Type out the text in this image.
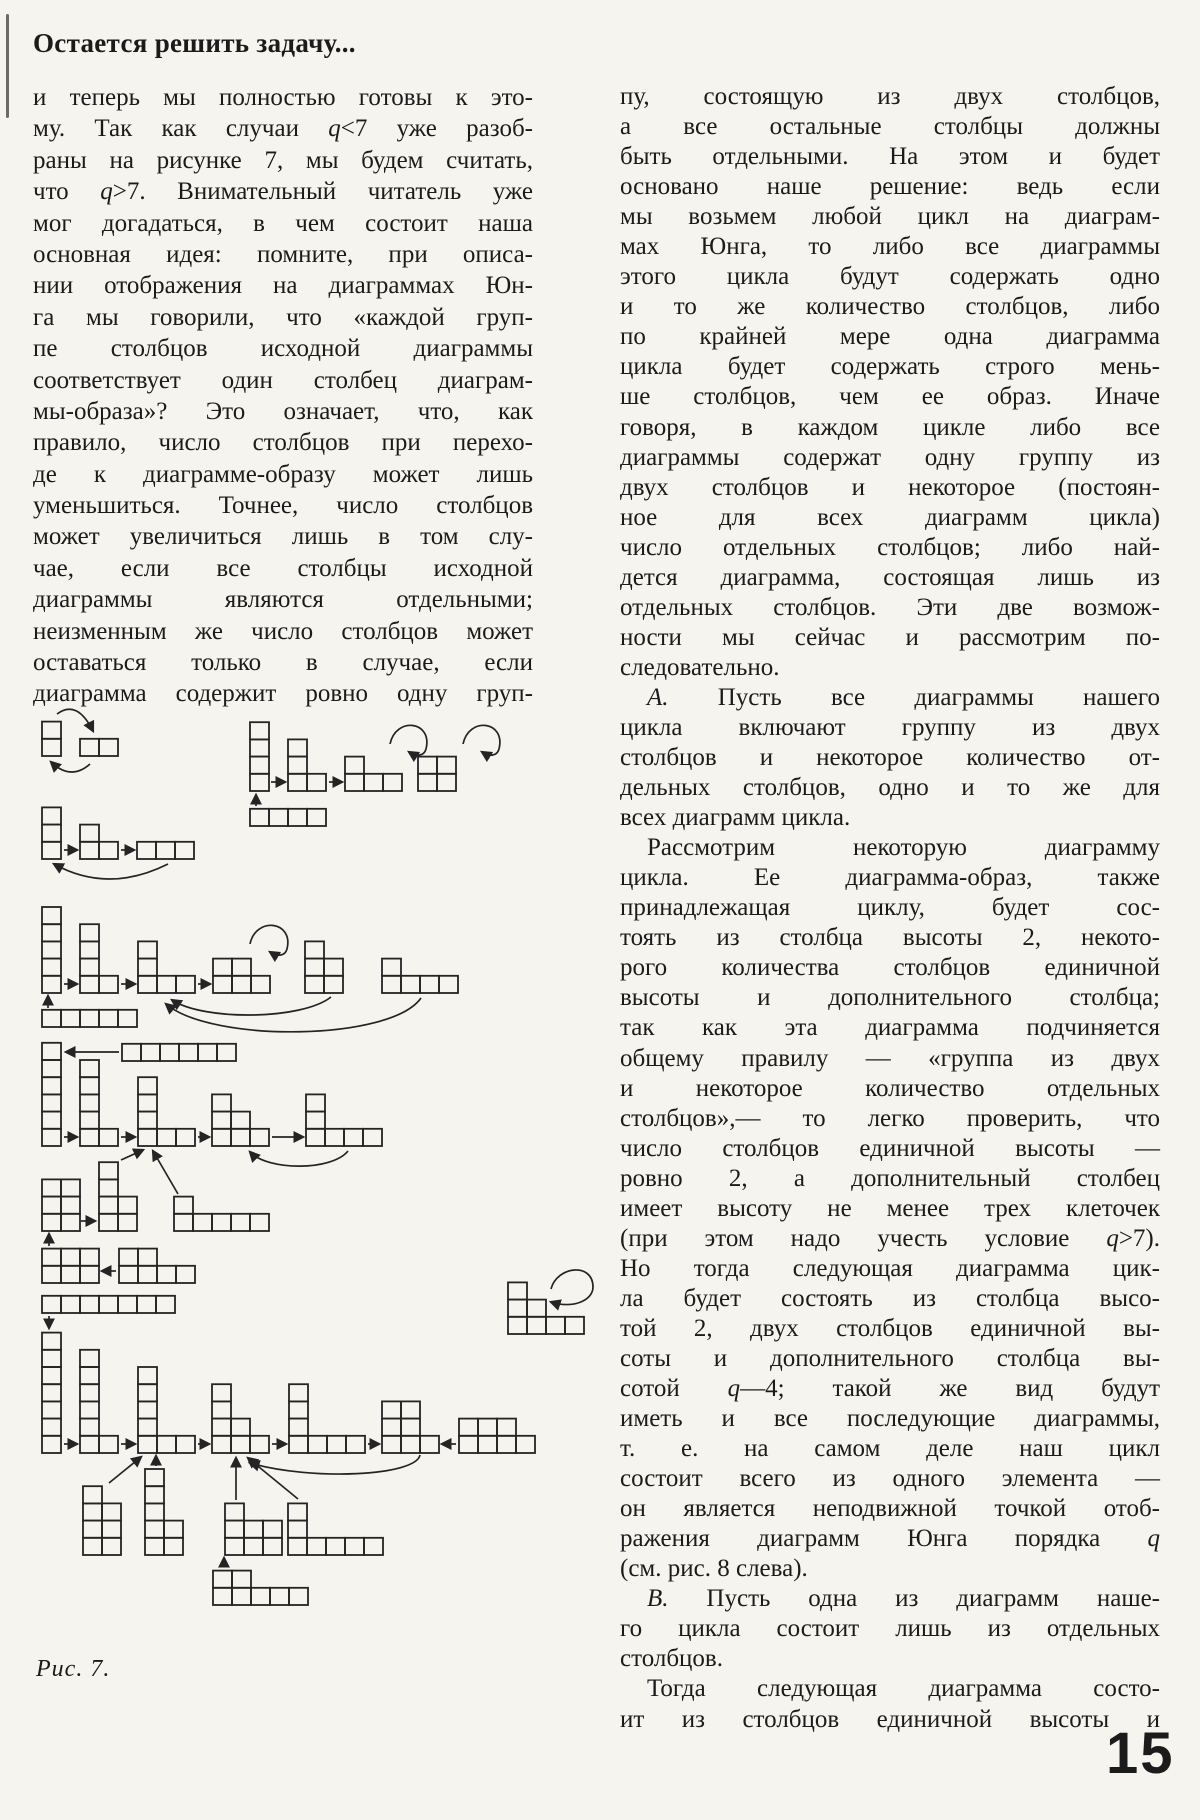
Остается решить задачу...
и теперь мы полностью готовы к это-
му. Так как случаи q<7 уже разоб-
раны на рисунке 7, мы будем считать,
что q>7. Внимательный читатель уже
мог догадаться, в чем состоит наша
основная идея: помните, при описа-
нии отображения на диаграммах Юн-
га мы говорили, что «каждой груп-
пе столбцов исходной диаграммы
соответствует один столбец диаграм-
мы-образа»? Это означает, что, как
правило, число столбцов при перехо-
де к диаграмме-образу может лишь
уменьшиться. Точнее, число столбцов
может увеличиться лишь в том слу-
чае, если все столбцы исходной
диаграммы являются отдельными;
неизменным же число столбцов может
оставаться только в случае, если
диаграмма содержит ровно одну груп-
Рис. 7.
пу, состоящую из двух столбцов,
а все остальные столбцы должны
быть отдельными. На этом и будет
основано наше решение: ведь если
мы возьмем любой цикл на диаграм-
мах Юнга, то либо все диаграммы
этого цикла будут содержать одно
и то же количество столбцов, либо
по крайней мере одна диаграмма
цикла будет содержать строго мень-
ше столбцов, чем ее образ. Иначе
говоря, в каждом цикле либо все
диаграммы содержат одну группу из
двух столбцов и некоторое (постоян-
ное для всех диаграмм цикла)
число отдельных столбцов; либо най-
дется диаграмма, состоящая лишь из
отдельных столбцов. Эти две возмож-
ности мы сейчас и рассмотрим по-
следовательно.
А. Пусть все диаграммы нашего
цикла включают группу из двух
столбцов и некоторое количество от-
дельных столбцов, одно и то же для
всех диаграмм цикла.
Рассмотрим некоторую диаграмму
цикла. Ее диаграмма-образ, также
принадлежащая циклу, будет сос-
тоять из столбца высоты 2, некото-
рого количества столбцов единичной
высоты и дополнительного столбца;
так как эта диаграмма подчиняется
общему правилу — «группа из двух
и некоторое количество отдельных
столбцов»,— то легко проверить, что
число столбцов единичной высоты —
ровно 2, а дополнительный столбец
имеет высоту не менее трех клеточек
(при этом надо учесть условие q>7).
Но тогда следующая диаграмма цик-
ла будет состоять из столбца высо-
той 2, двух столбцов единичной вы-
соты и дополнительного столбца вы-
сотой q—4; такой же вид будут
иметь и все последующие диаграммы,
т. е. на самом деле наш цикл
состоит всего из одного элемента —
он является неподвижной точкой отоб-
ражения диаграмм Юнга порядка q
(см. рис. 8 слева).
В. Пусть одна из диаграмм наше-
го цикла состоит лишь из отдельных
столбцов.
Тогда следующая диаграмма состо-
ит из столбцов единичной высоты и
15
